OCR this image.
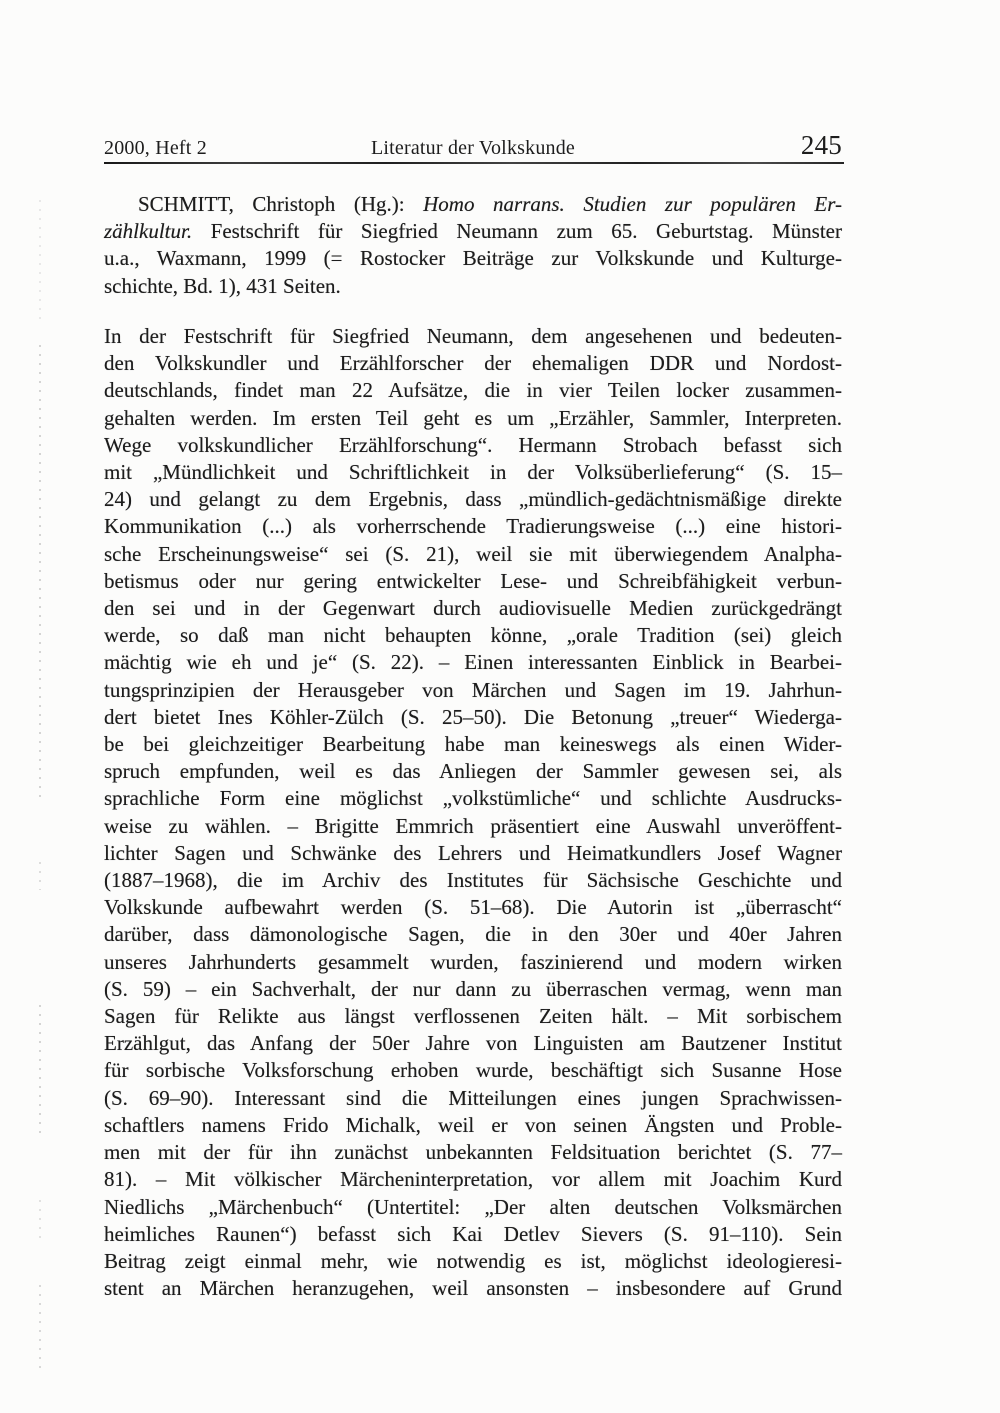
2000, Heft 2	Literatur der Volkskunde	245
SCHMITT, Christoph (Hg.): Homo narrans. Studien zur populären Er-
zählkultur. Festschrift für Siegfried Neumann zum 65. Geburtstag. Münster
u.a., Waxmann, 1999 (= Rostocker Beiträge zur Volkskunde und Kulturge-
schichte, Bd. 1), 431 Seiten.
In der Festschrift für Siegfried Neumann, dem angesehenen und bedeuten-
den Volkskundler und Erzählforscher der ehemaligen DDR und Nordost-
deutschlands, findet man 22 Aufsätze, die in vier Teilen locker zusammen-
gehalten werden. Im ersten Teil geht es um „Erzähler, Sammler, Interpreten.
Wege volkskundlicher Erzählforschung“. Hermann Strobach befasst sich
mit „Mündlichkeit und Schriftlichkeit in der Volksüberlieferung“ (S. 15–
24) und gelangt zu dem Ergebnis, dass „mündlich-gedächtnismäßige direkte
Kommunikation (...) als vorherrschende Tradierungsweise (...) eine histori-
sche Erscheinungsweise“ sei (S. 21), weil sie mit überwiegendem Analpha-
betismus oder nur gering entwickelter Lese- und Schreibfähigkeit verbun-
den sei und in der Gegenwart durch audiovisuelle Medien zurückgedrängt
werde, so daß man nicht behaupten könne, „orale Tradition (sei) gleich
mächtig wie eh und je“ (S. 22). – Einen interessanten Einblick in Bearbei-
tungsprinzipien der Herausgeber von Märchen und Sagen im 19. Jahrhun-
dert bietet Ines Köhler-Zülch (S. 25–50). Die Betonung „treuer“ Wiederga-
be bei gleichzeitiger Bearbeitung habe man keineswegs als einen Wider-
spruch empfunden, weil es das Anliegen der Sammler gewesen sei, als
sprachliche Form eine möglichst „volkstümliche“ und schlichte Ausdrucks-
weise zu wählen. – Brigitte Emmrich präsentiert eine Auswahl unveröffent-
lichter Sagen und Schwänke des Lehrers und Heimatkundlers Josef Wagner
(1887–1968), die im Archiv des Institutes für Sächsische Geschichte und
Volkskunde aufbewahrt werden (S. 51–68). Die Autorin ist „überrascht“
darüber, dass dämonologische Sagen, die in den 30er und 40er Jahren
unseres Jahrhunderts gesammelt wurden, faszinierend und modern wirken
(S. 59) – ein Sachverhalt, der nur dann zu überraschen vermag, wenn man
Sagen für Relikte aus längst verflossenen Zeiten hält. – Mit sorbischem
Erzählgut, das Anfang der 50er Jahre von Linguisten am Bautzener Institut
für sorbische Volksforschung erhoben wurde, beschäftigt sich Susanne Hose
(S. 69–90). Interessant sind die Mitteilungen eines jungen Sprachwissen-
schaftlers namens Frido Michalk, weil er von seinen Ängsten und Proble-
men mit der für ihn zunächst unbekannten Feldsituation berichtet (S. 77–
81). – Mit völkischer Märcheninterpretation, vor allem mit Joachim Kurd
Niedlichs „Märchenbuch“ (Untertitel: „Der alten deutschen Volksmärchen
heimliches Raunen“) befasst sich Kai Detlev Sievers (S. 91–110). Sein
Beitrag zeigt einmal mehr, wie notwendig es ist, möglichst ideologieresi-
stent an Märchen heranzugehen, weil ansonsten – insbesondere auf Grund
